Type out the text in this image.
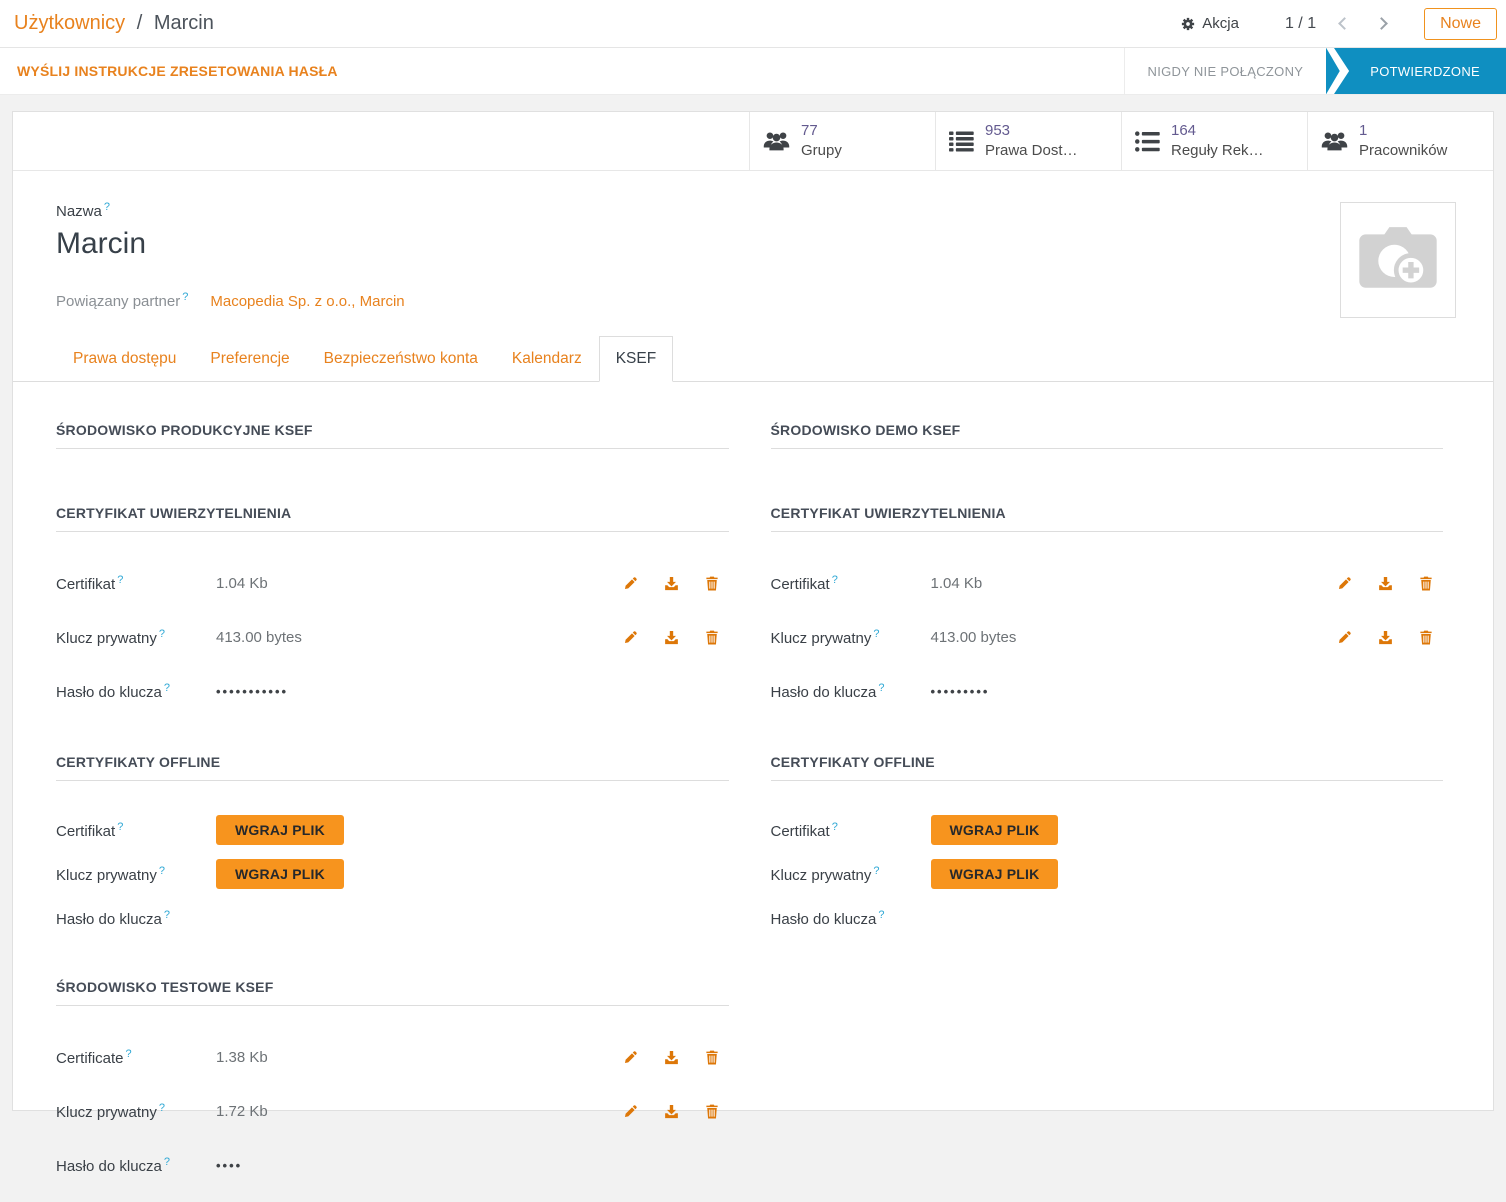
Użytkownicy / Marcin	Akcja	1 / 1	Nowe
WYŚLIJ INSTRUKCJE ZRESETOWANIA HASŁA	NIGDY NIE POŁĄCZONY	POTWIERDZONE
77
Grupy
953
Prawa Dost…
164
Reguły Rek…
1
Pracowników
Nazwa ?
Marcin
Powiązany partner ? Macopedia Sp. z o.o., Marcin
Prawa dostępu	Preferencje	Bezpieczeństwo konta	Kalendarz	KSEF
ŚRODOWISKO PRODUKCYJNE KSEF
CERTYFIKAT UWIERZYTELNIENIA
Certifikat ?	1.04 Kb
Klucz prywatny ?	413.00 bytes
Hasło do klucza ?	•••••••••••
CERTYFIKATY OFFLINE
Certifikat ?	WGRAJ PLIK
Klucz prywatny ?	WGRAJ PLIK
Hasło do klucza ?
ŚRODOWISKO TESTOWE KSEF
Certificate ?	1.38 Kb
Klucz prywatny ?	1.72 Kb
Hasło do klucza ?	••••
ŚRODOWISKO DEMO KSEF
CERTYFIKAT UWIERZYTELNIENIA
Certifikat ?	1.04 Kb
Klucz prywatny ?	413.00 bytes
Hasło do klucza ?	•••••••••
CERTYFIKATY OFFLINE
Certifikat ?	WGRAJ PLIK
Klucz prywatny ?	WGRAJ PLIK
Hasło do klucza ?
